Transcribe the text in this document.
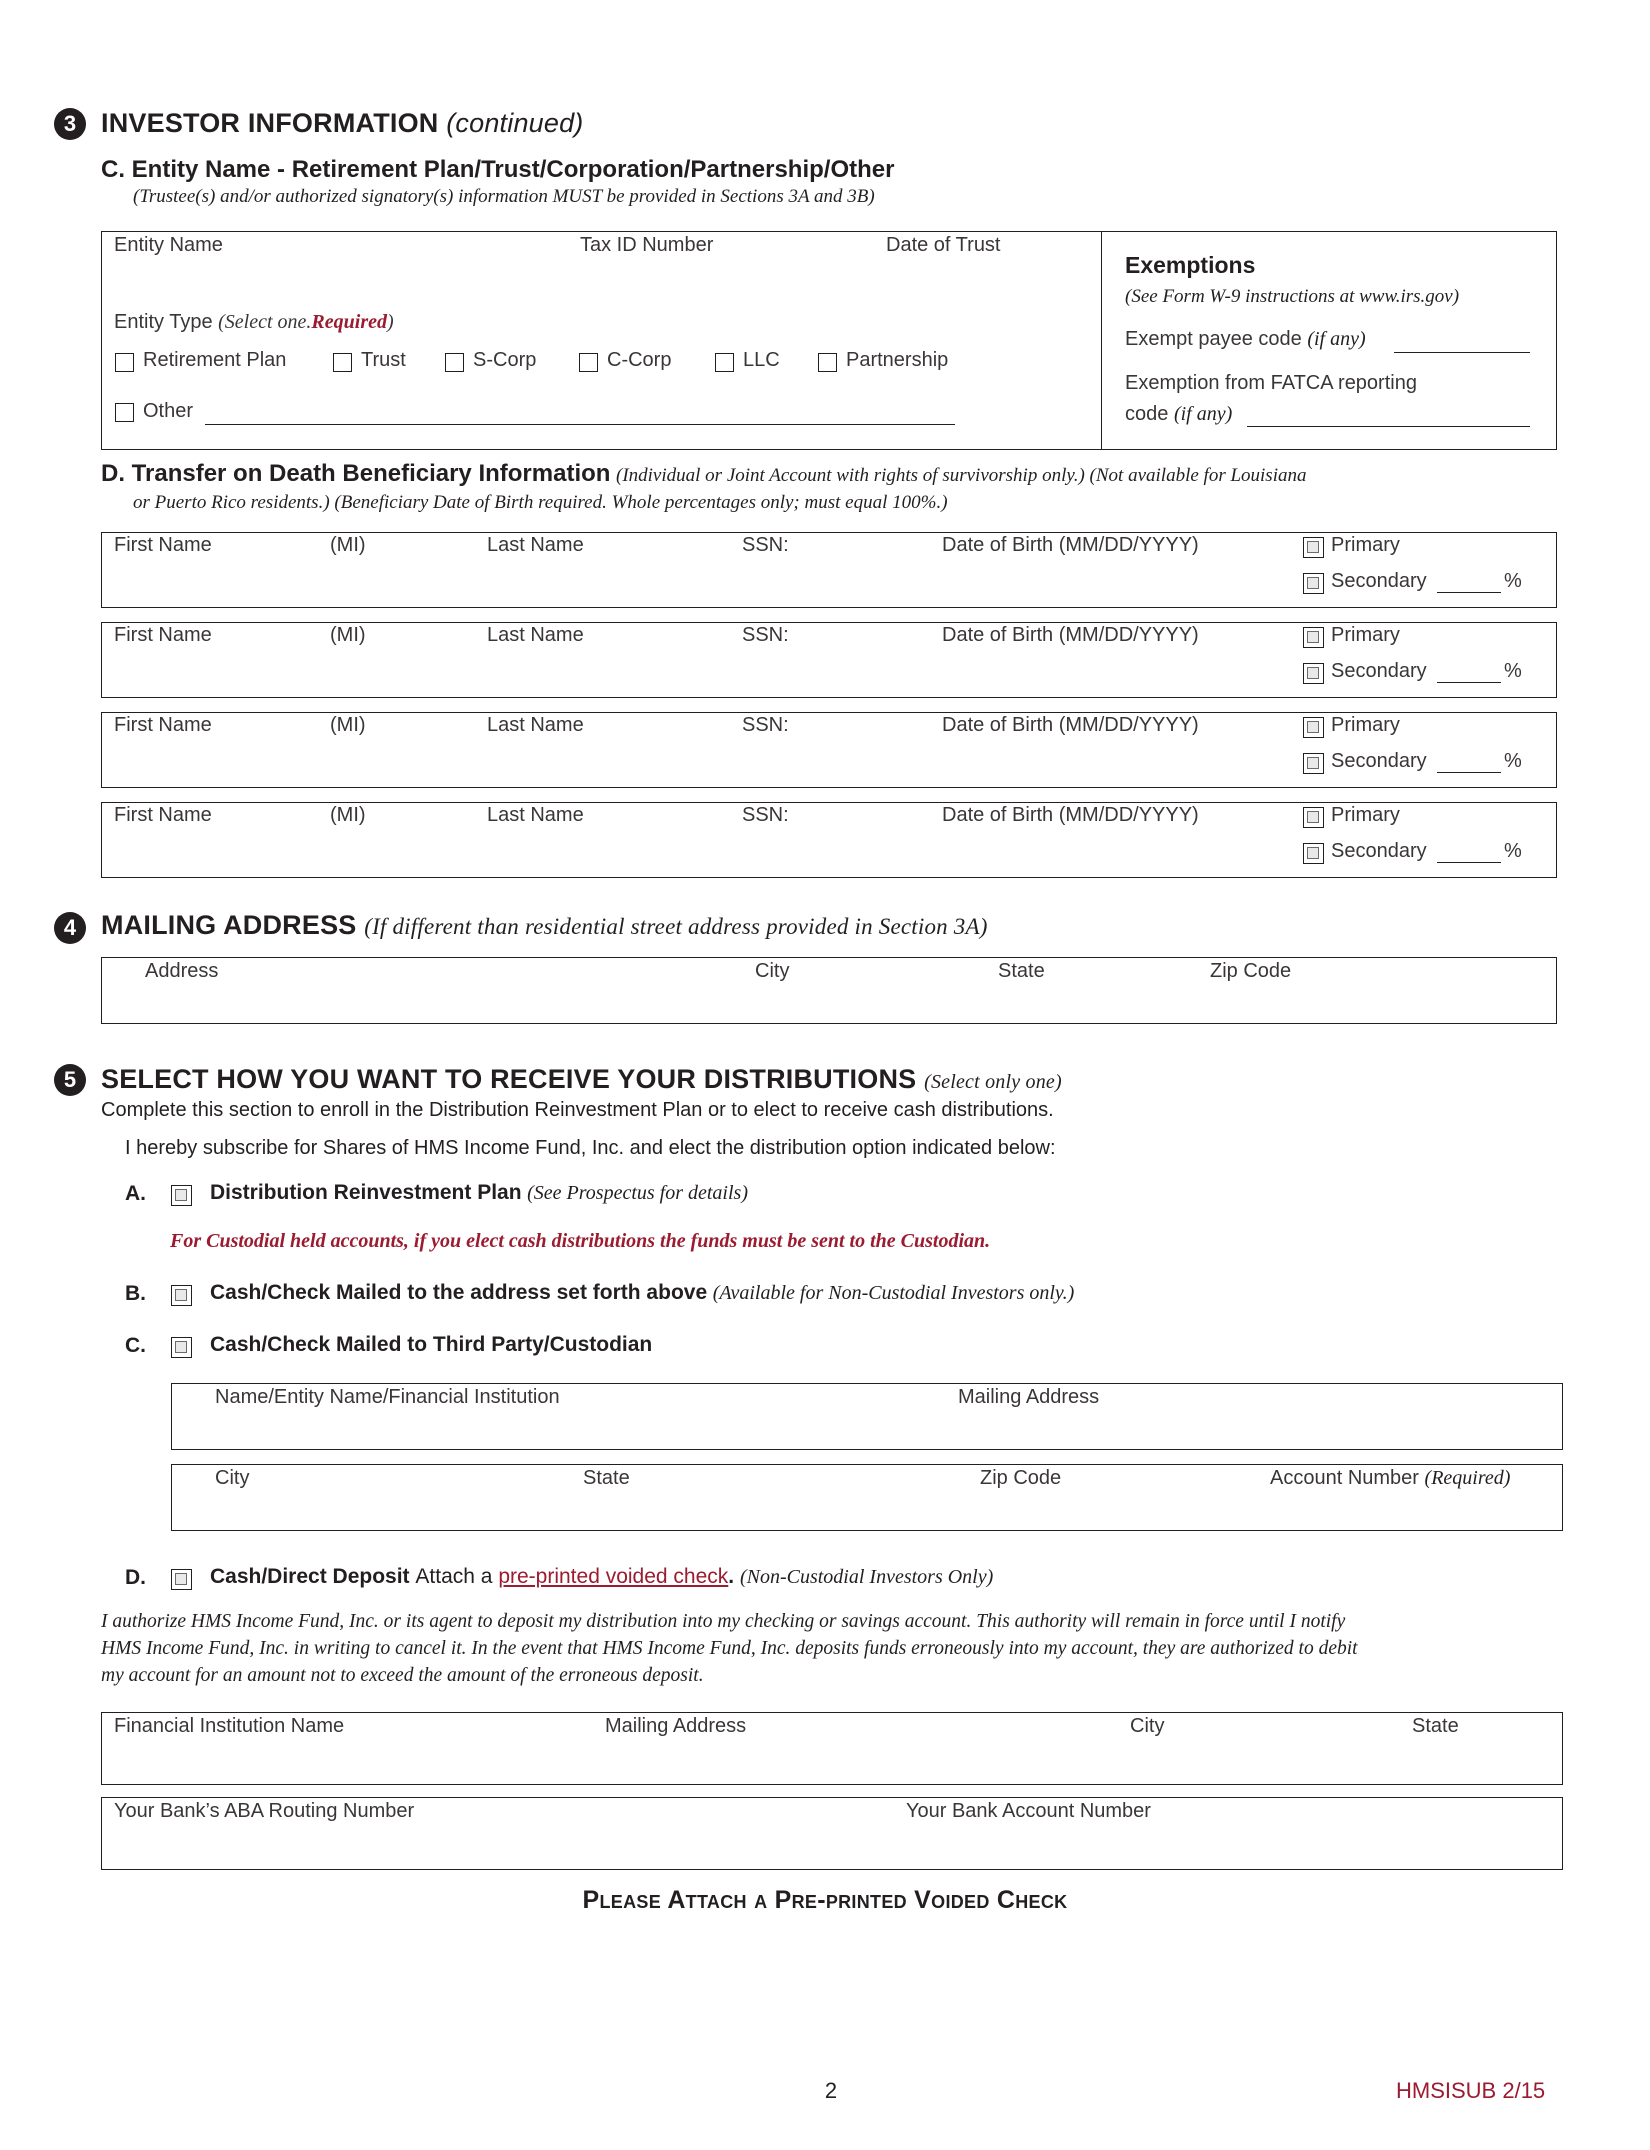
3 INVESTOR INFORMATION (continued)
C. Entity Name - Retirement Plan/Trust/Corporation/Partnership/Other
(Trustee(s) and/or authorized signatory(s) information MUST be provided in Sections 3A and 3B)
Entity Name	Tax ID Number	Date of Trust
Entity Type (Select one.Required)
Retirement Plan	Trust	S-Corp	C-Corp	LLC	Partnership
Other
Exemptions
(See Form W-9 instructions at www.irs.gov)
Exempt payee code (if any)
Exemption from FATCA reporting
code (if any)
D. Transfer on Death Beneficiary Information (Individual or Joint Account with rights of survivorship only.) (Not available for Louisiana
or Puerto Rico residents.) (Beneficiary Date of Birth required. Whole percentages only; must equal 100%.)
First Name	(MI)	Last Name	SSN:	Date of Birth (MM/DD/YYYY)	Primary
Secondary	%
First Name	(MI)	Last Name	SSN:	Date of Birth (MM/DD/YYYY)	Primary
Secondary	%
First Name	(MI)	Last Name	SSN:	Date of Birth (MM/DD/YYYY)	Primary
Secondary	%
First Name	(MI)	Last Name	SSN:	Date of Birth (MM/DD/YYYY)	Primary
Secondary	%
4 MAILING ADDRESS (If different than residential street address provided in Section 3A)
Address	City	State	Zip Code
5 SELECT HOW YOU WANT TO RECEIVE YOUR DISTRIBUTIONS (Select only one)
Complete this section to enroll in the Distribution Reinvestment Plan or to elect to receive cash distributions.
I hereby subscribe for Shares of HMS Income Fund, Inc. and elect the distribution option indicated below:
A.	Distribution Reinvestment Plan (See Prospectus for details)
For Custodial held accounts, if you elect cash distributions the funds must be sent to the Custodian.
B.	Cash/Check Mailed to the address set forth above (Available for Non-Custodial Investors only.)
C.	Cash/Check Mailed to Third Party/Custodian
Name/Entity Name/Financial Institution	Mailing Address
City	State	Zip Code	Account Number (Required)
D.	Cash/Direct Deposit Attach a pre-printed voided check. (Non-Custodial Investors Only)
I authorize HMS Income Fund, Inc. or its agent to deposit my distribution into my checking or savings account. This authority will remain in force until I notify
HMS Income Fund, Inc. in writing to cancel it. In the event that HMS Income Fund, Inc. deposits funds erroneously into my account, they are authorized to debit
my account for an amount not to exceed the amount of the erroneous deposit.
Financial Institution Name	Mailing Address	City	State
Your Bank’s ABA Routing Number	Your Bank Account Number
Please Attach a Pre-printed Voided Check
2	HMSISUB 2/15
